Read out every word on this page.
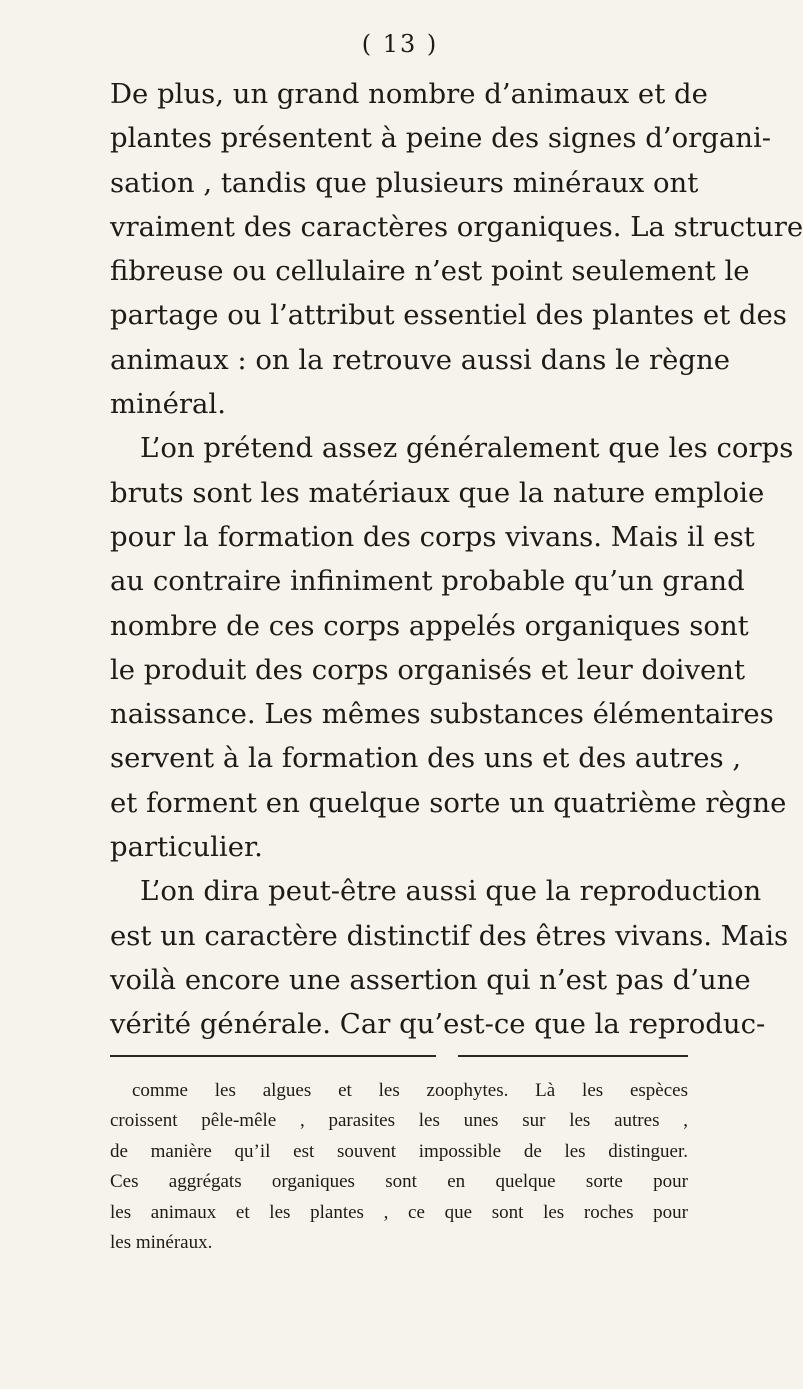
( 13 )
De plus, un grand nombre d’animaux et de
plantes présentent à peine des signes d’organi-
sation , tandis que plusieurs minéraux ont
vraiment des caractères organiques. La structure
fibreuse ou cellulaire n’est point seulement le
partage ou l’attribut essentiel des plantes et des
animaux : on la retrouve aussi dans le règne
minéral.
L’on prétend assez généralement que les corps
bruts sont les matériaux que la nature emploie
pour la formation des corps vivans. Mais il est
au contraire infiniment probable qu’un grand
nombre de ces corps appelés organiques sont
le produit des corps organisés et leur doivent
naissance. Les mêmes substances élémentaires
servent à la formation des uns et des autres ,
et forment en quelque sorte un quatrième règne
particulier.
L’on dira peut-être aussi que la reproduction
est un caractère distinctif des êtres vivans. Mais
voilà encore une assertion qui n’est pas d’une
vérité générale. Car qu’est-ce que la reproduc-
comme les algues et les zoophytes. Là les espèces
croissent pêle-mêle , parasites les unes sur les autres ,
de manière qu’il est souvent impossible de les distinguer.
Ces aggrégats organiques sont en quelque sorte pour
les animaux et les plantes , ce que sont les roches pour
les minéraux.
